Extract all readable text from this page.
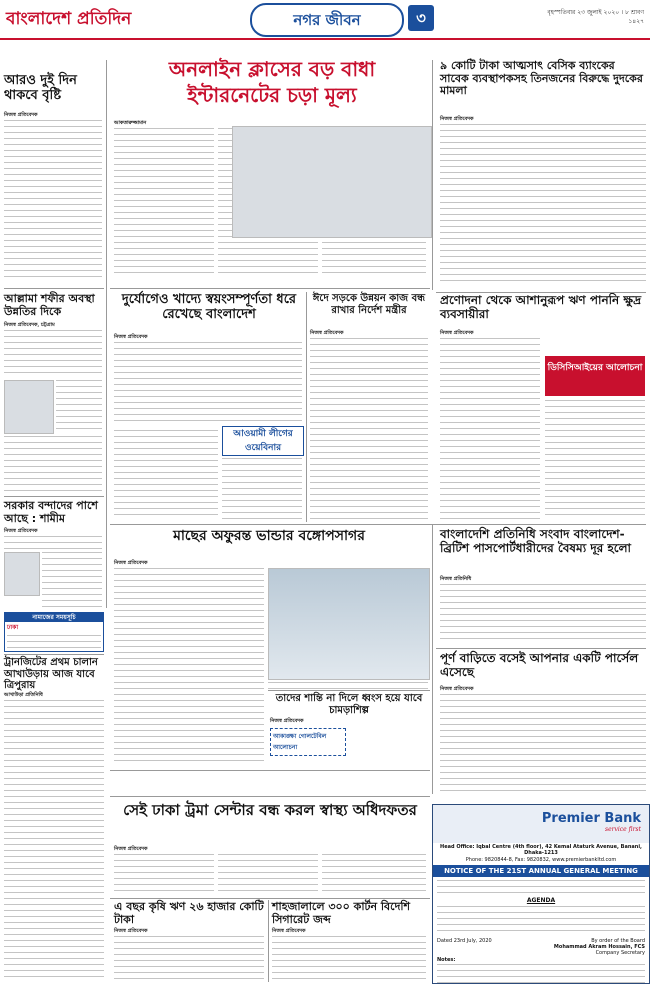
বাংলাদেশ প্রতিদিন	নগর জীবন	৩	বৃহস্পতিবার ২৩ জুলাই ২০২০ । ৮ শ্রাবণ ১৪২৭
আরও দুই দিন থাকবে বৃষ্টি
নিজস্ব প্রতিবেদক
আল্লামা শফীর অবস্থা উন্নতির দিকে
নিজস্ব প্রতিবেদক, চট্টগ্রাম
সরকার বন্দাদের পাশে আছে : শামীম
নিজস্ব প্রতিবেদক
নামাজের সময়সূচি
ঢাকা
অনলাইন ক্লাসের বড় বাধা
ইন্টারনেটের চড়া মূল্য
আকতারুজ্জামান
৯ কোটি টাকা আত্মসাৎ বেসিক ব্যাংকের সাবেক ব্যবস্থাপকসহ তিনজনের বিরুদ্ধে দুদকের মামলা
নিজস্ব প্রতিবেদক
দুর্যোগেও খাদ্যে স্বয়ংসম্পূর্ণতা ধরে রেখেছে বাংলাদেশ
নিজস্ব প্রতিবেদক
আওয়ামী লীগের ওয়েবিনার
ঈদে সড়কে উন্নয়ন কাজ বন্ধ রাখার নির্দেশ মন্ত্রীর
নিজস্ব প্রতিবেদক
প্রণোদনা থেকে আশানুরূপ ঋণ পাননি ক্ষুদ্র ব্যবসায়ীরা
নিজস্ব প্রতিবেদক
ডিসিসিআইয়ের আলোচনা
মাছের অফুরন্ত ভান্ডার বঙ্গোপসাগর
নিজস্ব প্রতিবেদক
বাংলাদেশি প্রতিনিধি সংবাদ বাংলাদেশ-ব্রিটিশ পাসপোর্টধারীদের বৈষম্য দূর হলো
নিজস্ব প্রতিনিধি
পূর্ণ বাড়িতে বসেই আপনার একটি পার্সেল এসেছে
নিজস্ব প্রতিবেদক
ট্রানজিটের প্রথম চালান আখাউড়ায় আজ যাবে ত্রিপুরায়
আখাউড়া প্রতিনিধি
সেই ঢাকা ট্রমা সেন্টার বন্ধ করল স্বাস্থ্য অধিদফতর
নিজস্ব প্রতিবেদক
এ বছর কৃষি ঋণ ২৬ হাজার কোটি টাকা
নিজস্ব প্রতিবেদক
শাহজালালে ৩০০ কার্টন বিদেশি সিগারেট জব্দ
নিজস্ব প্রতিবেদক
তাদের শান্তি না দিলে ধ্বংস হয়ে যাবে চামড়াশিল্প
নিজস্ব প্রতিবেদক
আকাঙ্ক্ষা গোলটেবিল আলোচনা
Premier Bank
service first
Head Office: Iqbal Centre (4th floor), 42 Kemal Ataturk Avenue, Banani, Dhaka-1213
Phone: 9820844-8, Fax: 9820832, www.premierbankltd.com
NOTICE OF THE 21ST ANNUAL GENERAL MEETING
AGENDA
Dated 23rd July, 2020	By order of the Board
Mohammad Akram Hossain, FCS
Company Secretary
Notes:
